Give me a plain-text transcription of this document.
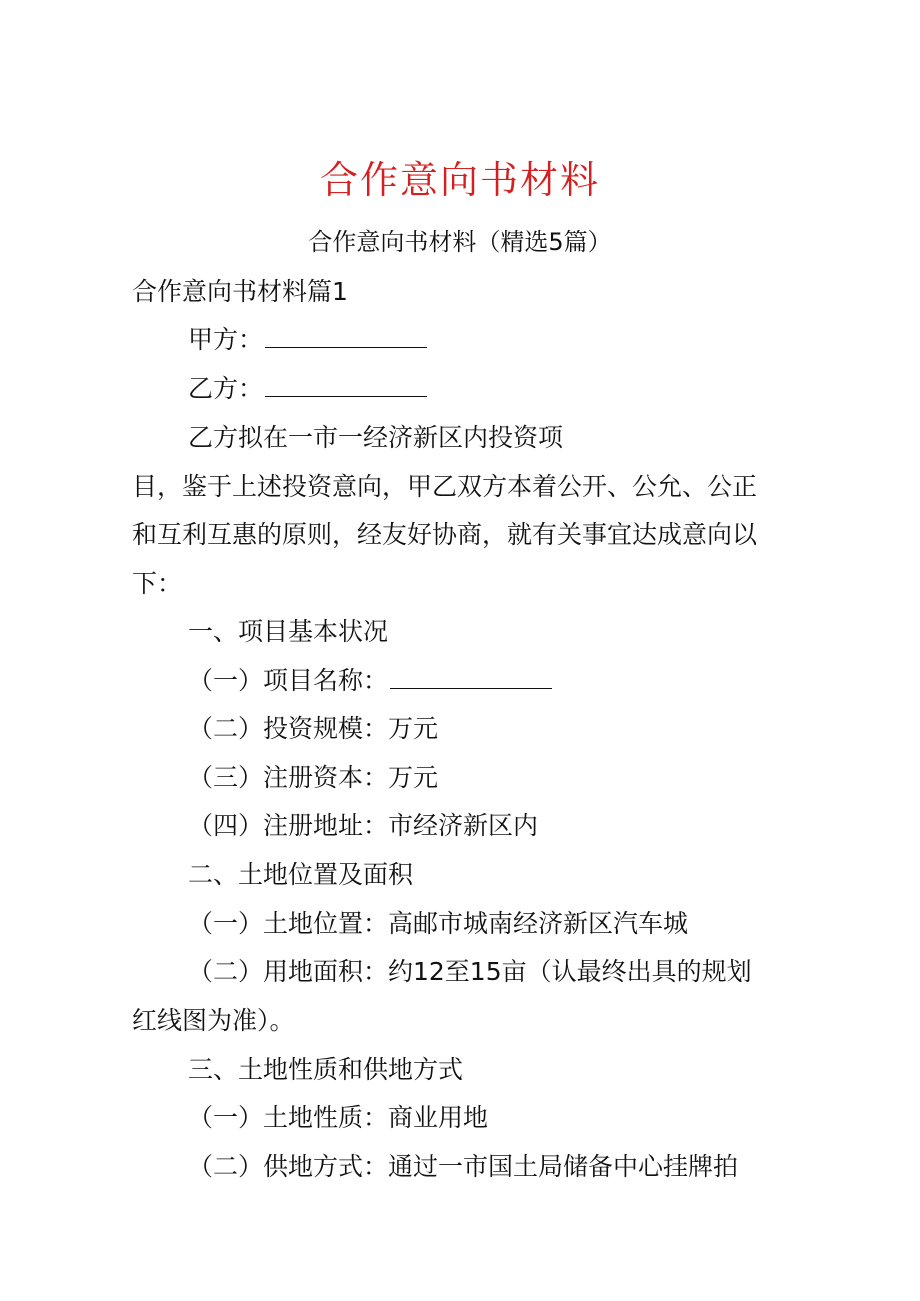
合作意向书材料
合作意向书材料（精选5篇）
合作意向书材料篇1
甲方：
乙方：
乙方拟在一市一经济新区内投资项
目，鉴于上述投资意向，甲乙双方本着公开、公允、公正
和互利互惠的原则，经友好协商，就有关事宜达成意向以
下：
一、项目基本状况
（一）项目名称：
（二）投资规模：万元
（三）注册资本：万元
（四）注册地址：市经济新区内
二、土地位置及面积
（一）土地位置：高邮市城南经济新区汽车城
（二）用地面积：约12至15亩（认最终出具的规划
红线图为准）。
三、土地性质和供地方式
（一）土地性质：商业用地
（二）供地方式：通过一市国土局储备中心挂牌拍
